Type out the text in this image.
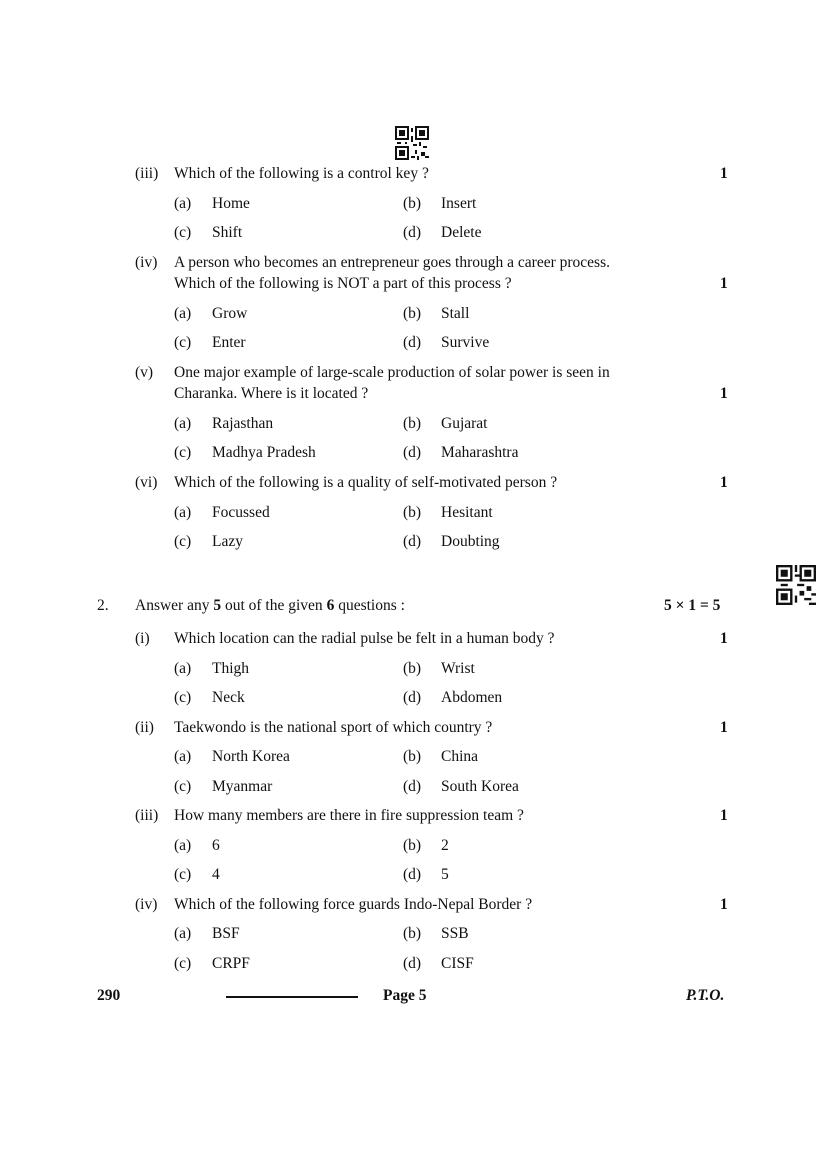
(iii) Which of the following is a control key ?	1
(a) Home	(b) Insert
(c) Shift	(d) Delete
(iv) A person who becomes an entrepreneur goes through a career process.
Which of the following is NOT a part of this process ?	1
(a) Grow	(b) Stall
(c) Enter	(d) Survive
(v) One major example of large-scale production of solar power is seen in
Charanka. Where is it located ?	1
(a) Rajasthan	(b) Gujarat
(c) Madhya Pradesh	(d) Maharashtra
(vi) Which of the following is a quality of self-motivated person ?	1
(a) Focussed	(b) Hesitant
(c) Lazy	(d) Doubting
2. Answer any 5 out of the given 6 questions :	5 × 1 = 5
(i) Which location can the radial pulse be felt in a human body ?	1
(a) Thigh	(b) Wrist
(c) Neck	(d) Abdomen
(ii) Taekwondo is the national sport of which country ?	1
(a) North Korea	(b) China
(c) Myanmar	(d) South Korea
(iii) How many members are there in fire suppression team ?	1
(a) 6	(b) 2
(c) 4	(d) 5
(iv) Which of the following force guards Indo-Nepal Border ?	1
(a) BSF	(b) SSB
(c) CRPF	(d) CISF
290	Page 5	P.T.O.
